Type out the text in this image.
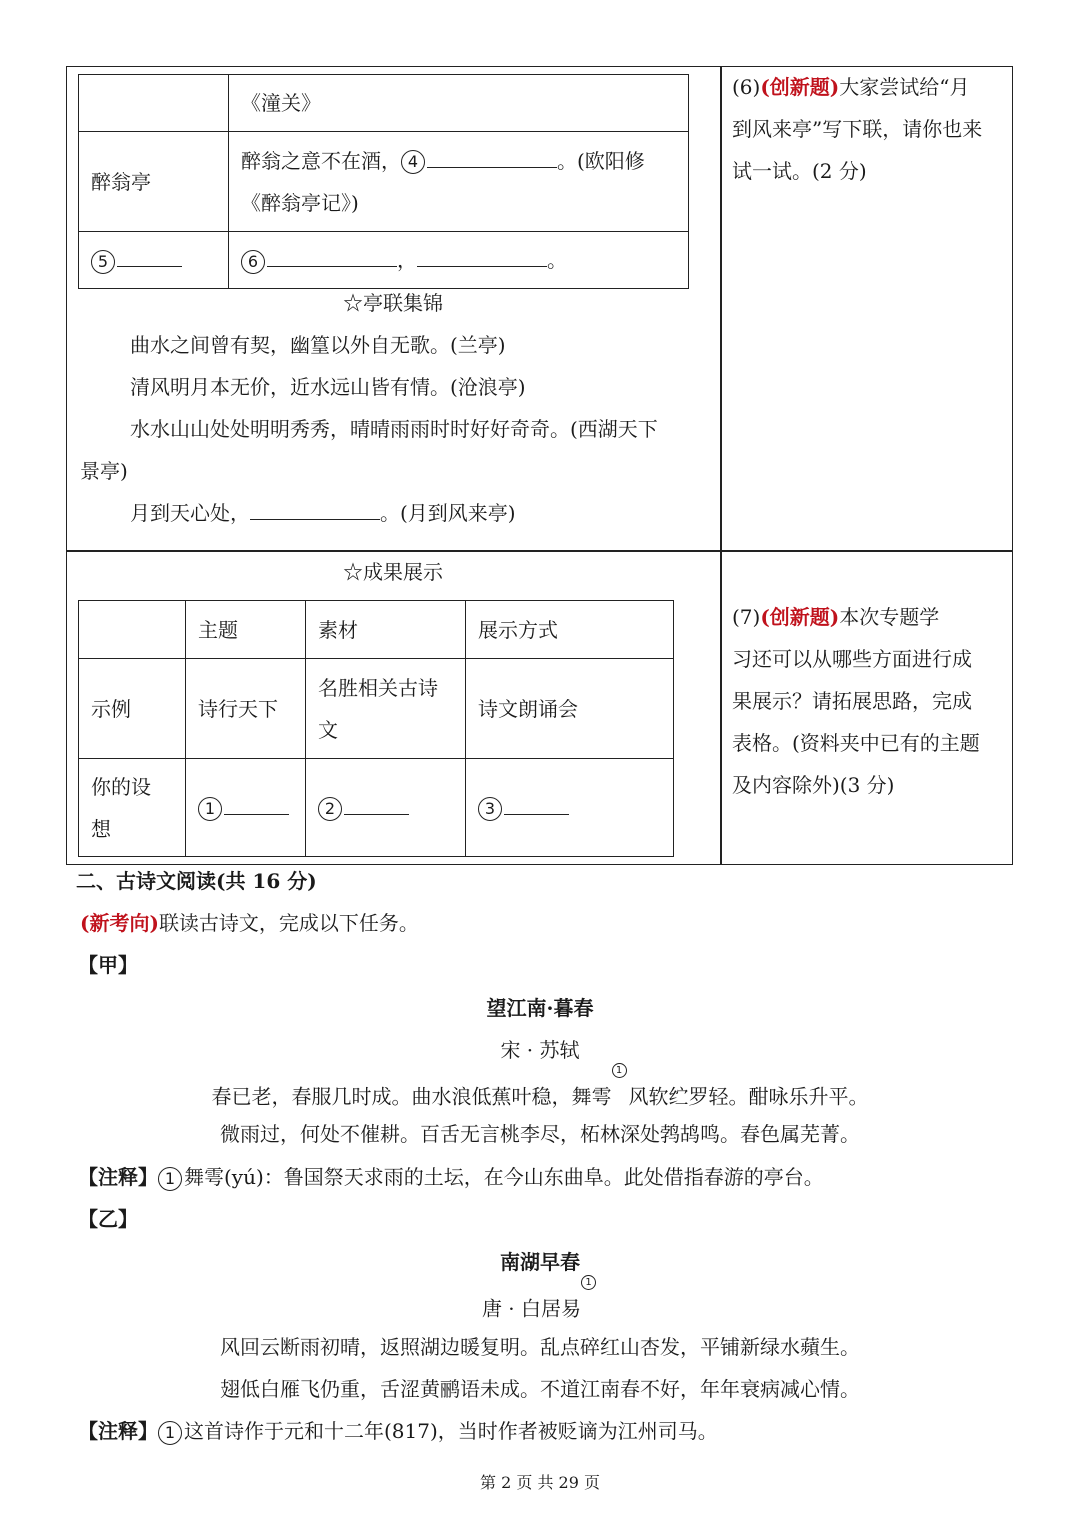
	《潼关》
醉翁亭	醉翁之意不在酒， 4 。(欧阳修
《醉翁亭记》)
5	6 ， 。
(6)(创新题)大家尝试给“月
到风来亭”写下联，请你也来
试一试。(2 分)
☆亭联集锦
曲水之间曾有契，幽篁以外自无歌。(兰亭)
清风明月本无价，近水远山皆有情。(沧浪亭)
水水山山处处明明秀秀，晴晴雨雨时时好好奇奇。(西湖天下
景亭)
月到天心处，	。(月到风来亭)
☆成果展示
	主题	素材	展示方式
示例	诗行天下	名胜相关古诗
文	诗文朗诵会
你的设
想	1	2	3
(7)(创新题)本次专题学
习还可以从哪些方面进行成
果展示？请拓展思路，完成
表格。(资料夹中已有的主题
及内容除外)(3 分)
二、古诗文阅读(共 16 分)
(新考向)联读古诗文，完成以下任务。
【甲】
望江南·暮春
宋 · 苏轼
春已老，春服几时成。曲水浪低蕉叶稳，舞雩$^1$风软纻罗轻。酣咏乐升平。
微雨过，何处不催耕。百舌无言桃李尽，柘林深处鹁鸪鸣。春色属芜菁。
【注释】 1 舞雩(yú)：鲁国祭天求雨的土坛，在今山东曲阜。此处借指春游的亭台。
【乙】
南湖早春
唐 · 白居易$^1$
风回云断雨初晴，返照湖边暖复明。乱点碎红山杏发，平铺新绿水蘋生。
翅低白雁飞仍重，舌涩黄鹂语未成。不道江南春不好，年年衰病减心情。
【注释】 1 这首诗作于元和十二年(817)，当时作者被贬谪为江州司马。
第 2 页 共 29 页
